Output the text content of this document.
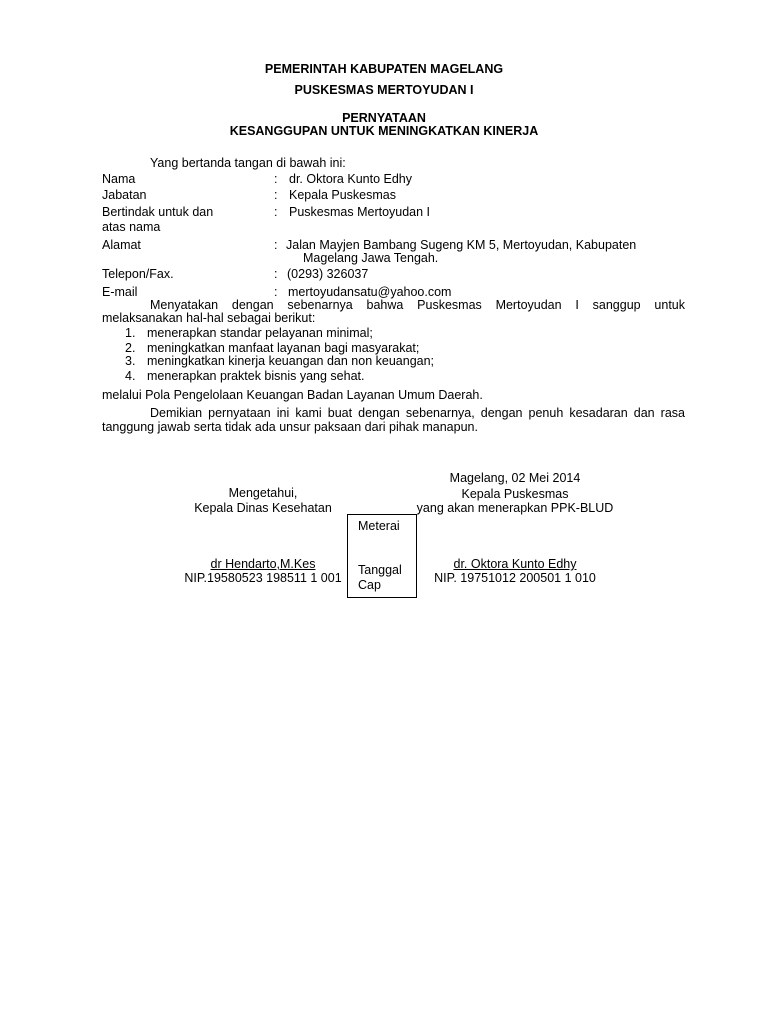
PEMERINTAH KABUPATEN MAGELANG
PUSKESMAS MERTOYUDAN I
PERNYATAAN
KESANGGUPAN UNTUK MENINGKATKAN KINERJA
Yang bertanda tangan di bawah ini:
Nama	: dr. Oktora Kunto Edhy
Jabatan	: Kepala Puskesmas
Bertindak untuk dan	: Puskesmas Mertoyudan I
atas nama
Alamat	: Jalan Mayjen Bambang Sugeng KM 5, Mertoyudan, Kabupaten
Magelang Jawa Tengah.
Telepon/Fax.	: (0293) 326037
E-mail	: mertoyudansatu@yahoo.com
Menyatakan dengan sebenarnya bahwa Puskesmas Mertoyudan I sanggup untuk
melaksanakan hal-hal sebagai berikut:
1. menerapkan standar pelayanan minimal;
2. meningkatkan manfaat layanan bagi masyarakat;
3. meningkatkan kinerja keuangan dan non keuangan;
4. menerapkan praktek bisnis yang sehat.
melalui Pola Pengelolaan Keuangan Badan Layanan Umum Daerah.
Demikian pernyataan ini kami buat dengan sebenarnya, dengan penuh kesadaran dan rasa
tanggung jawab serta tidak ada unsur paksaan dari pihak manapun.
Mengetahui,
Kepala Dinas Kesehatan
dr Hendarto,M.Kes
NIP.19580523 198511 1 001
Magelang, 02 Mei 2014
Kepala Puskesmas
yang akan menerapkan PPK-BLUD
dr. Oktora Kunto Edhy
NIP. 19751012 200501 1 010
Meterai
Tanggal
Cap
